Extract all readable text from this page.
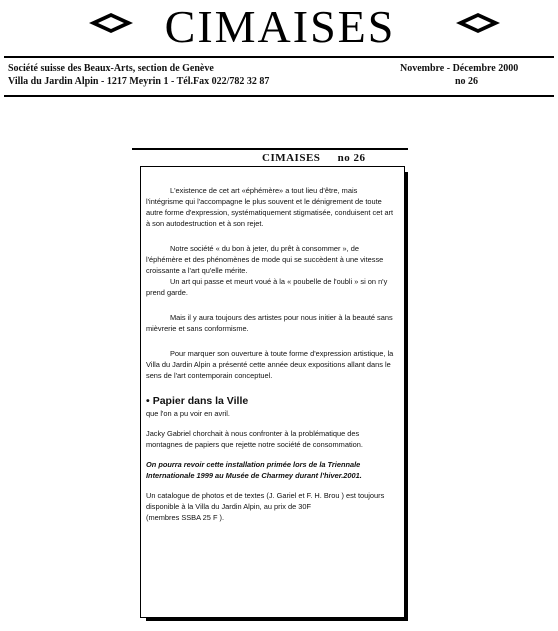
CIMAISES
Société suisse des Beaux-Arts, section de Genève
Villa du Jardin Alpin - 1217 Meyrin 1 - Tél.Fax 022/782 32 87
Novembre - Décembre 2000
no 26
CIMAISES no 26

L'existence de cet art «éphémère» a tout lieu d'être, mais l'intégrisme qui l'accompagne le plus souvent et le dénigrement de toute autre forme d'expression, systématiquement stigmatisée, conduisent cet art à son autodestruction et à son rejet.

Notre société « du bon à jeter, du prêt à consommer », de l'éphémère et des phénomènes de mode qui se succèdent à une vitesse croissante a l'art qu'elle mérite.

Un art qui passe et meurt voué à la « poubelle de l'oubli » si on n'y prend garde.

Mais il y aura toujours des artistes pour nous initier à la beauté sans mièvrerie et sans conformisme.

Pour marquer son ouverture à toute forme d'expression artistique, la Villa du Jardin Alpin a présenté cette année deux expositions allant dans le sens de l'art contemporain conceptuel.

• Papier dans la Ville
que l'on a pu voir en avril.

Jacky Gabriel chorchait à nous confronter à la problématique des montagnes de papiers que rejette notre société de consommation.

On pourra revoir cette installation primée lors de la Triennale Internationale 1999 au Musée de Charmey durant l'hiver.2001.

Un catalogue de photos et de textes (J. Gariel et F. H. Brou ) est toujours disponible à la Villa du Jardin Alpin, au prix de 30F

(membres SSBA 25 F ).
